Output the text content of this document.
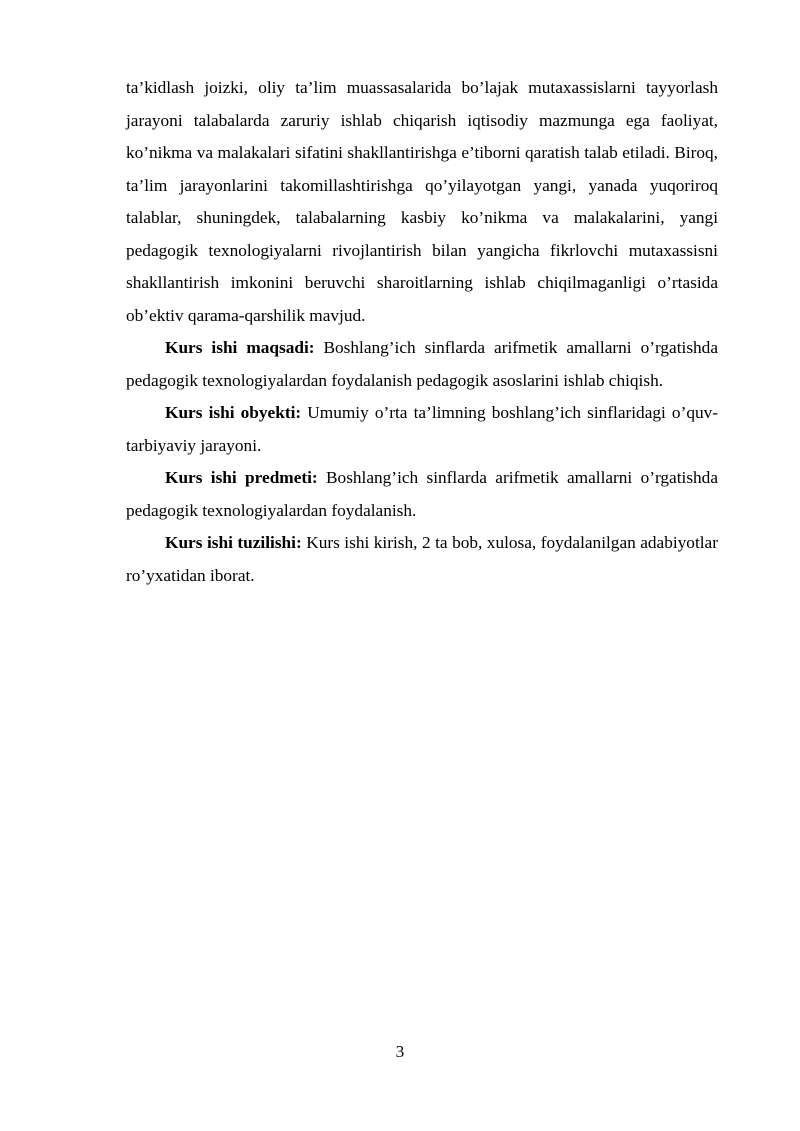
ta’kidlash joizki, oliy ta’lim muassasalarida bo’lajak mutaxassislarni tayyorlash jarayoni talabalarda zaruriy ishlab chiqarish iqtisodiy mazmunga ega faoliyat, ko’nikma va malakalari sifatini shakllantirishga e’tiborni qaratish talab etiladi. Biroq, ta’lim jarayonlarini takomillashtirishga qo’yilayotgan yangi, yanada yuqoriroq talablar, shuningdek, talabalarning kasbiy ko’nikma va malakalarini, yangi pedagogik texnologiyalarni rivojlantirish bilan yangicha fikrlovchi mutaxassisni shakllantirish imkonini beruvchi sharoitlarning ishlab chiqilmaganligi o’rtasida ob’ektiv qarama-qarshilik mavjud.

Kurs ishi maqsadi: Boshlang’ich sinflarda arifmetik amallarni o’rgatishda pedagogik texnologiyalardan foydalanish pedagogik asoslarini ishlab chiqish.

Kurs ishi obyekti: Umumiy o’rta ta’limning boshlang’ich sinflaridagi o’quv-tarbiyaviy jarayoni.

Kurs ishi predmeti: Boshlang’ich sinflarda arifmetik amallarni o’rgatishda pedagogik texnologiyalardan foydalanish.

Kurs ishi tuzilishi: Kurs ishi kirish, 2 ta bob, xulosa, foydalanilgan adabiyotlar ro’yxatidan iborat.

3
